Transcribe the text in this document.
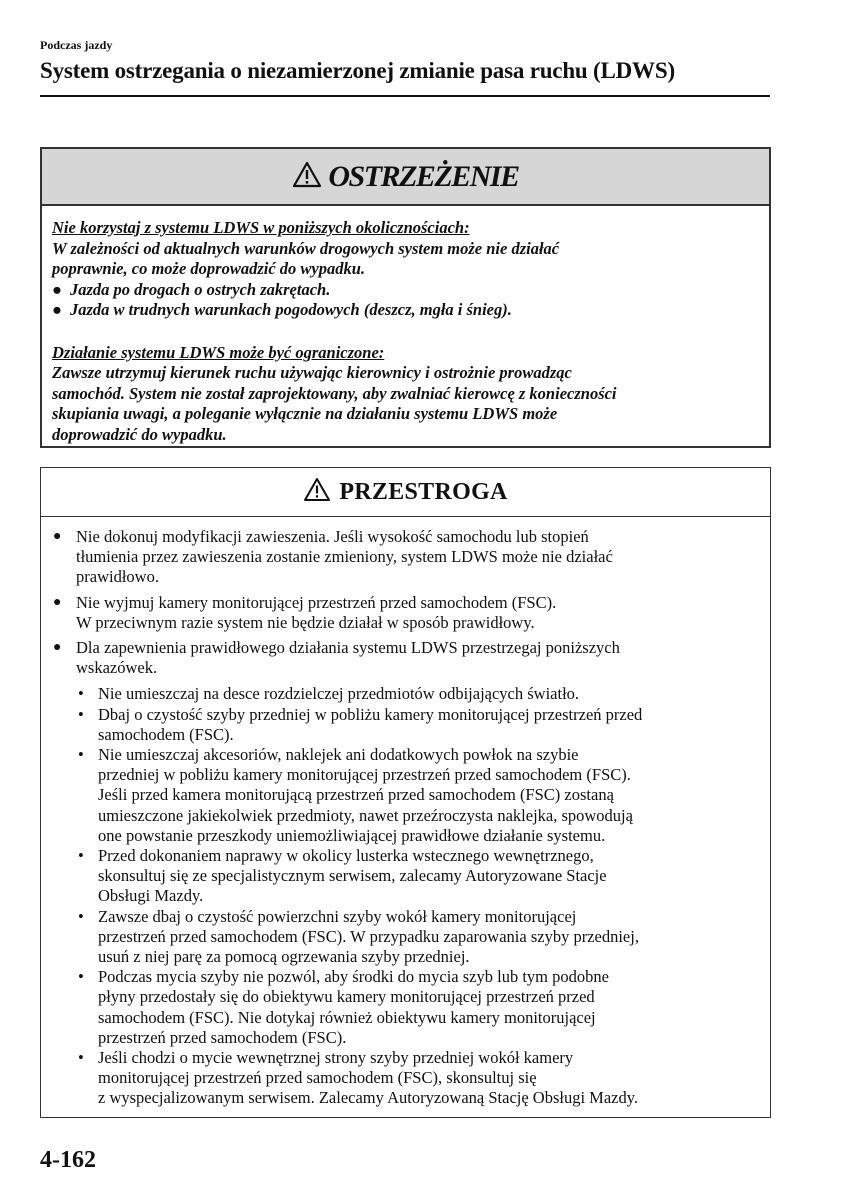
Podczas jazdy
System ostrzegania o niezamierzonej zmianie pasa ruchu (LDWS)
OSTRZEŻENIE
Nie korzystaj z systemu LDWS w poniższych okolicznościach:
W zależności od aktualnych warunków drogowych system może nie działać
poprawnie, co może doprowadzić do wypadku.
● Jazda po drogach o ostrych zakrętach.
● Jazda w trudnych warunkach pogodowych (deszcz, mgła i śnieg).
Działanie systemu LDWS może być ograniczone:
Zawsze utrzymuj kierunek ruchu używając kierownicy i ostrożnie prowadząc
samochód. System nie został zaprojektowany, aby zwalniać kierowcę z konieczności
skupiania uwagi, a poleganie wyłącznie na działaniu systemu LDWS może
doprowadzić do wypadku.
PRZESTROGA
● Nie dokonuj modyfikacji zawieszenia. Jeśli wysokość samochodu lub stopień
tłumienia przez zawieszenia zostanie zmieniony, system LDWS może nie działać
prawidłowo.
● Nie wyjmuj kamery monitorującej przestrzeń przed samochodem (FSC).
W przeciwnym razie system nie będzie działał w sposób prawidłowy.
● Dla zapewnienia prawidłowego działania systemu LDWS przestrzegaj poniższych
wskazówek.
• Nie umieszczaj na desce rozdzielczej przedmiotów odbijających światło.
• Dbaj o czystość szyby przedniej w pobliżu kamery monitorującej przestrzeń przed
samochodem (FSC).
• Nie umieszczaj akcesoriów, naklejek ani dodatkowych powłok na szybie
przedniej w pobliżu kamery monitorującej przestrzeń przed samochodem (FSC).
Jeśli przed kamera monitorującą przestrzeń przed samochodem (FSC) zostaną
umieszczone jakiekolwiek przedmioty, nawet przeźroczysta naklejka, spowodują
one powstanie przeszkody uniemożliwiającej prawidłowe działanie systemu.
• Przed dokonaniem naprawy w okolicy lusterka wstecznego wewnętrznego,
skonsultuj się ze specjalistycznym serwisem, zalecamy Autoryzowane Stacje
Obsługi Mazdy.
• Zawsze dbaj o czystość powierzchni szyby wokół kamery monitorującej
przestrzeń przed samochodem (FSC). W przypadku zaparowania szyby przedniej,
usuń z niej parę za pomocą ogrzewania szyby przedniej.
• Podczas mycia szyby nie pozwól, aby środki do mycia szyb lub tym podobne
płyny przedostały się do obiektywu kamery monitorującej przestrzeń przed
samochodem (FSC). Nie dotykaj również obiektywu kamery monitorującej
przestrzeń przed samochodem (FSC).
• Jeśli chodzi o mycie wewnętrznej strony szyby przedniej wokół kamery
monitorującej przestrzeń przed samochodem (FSC), skonsultuj się
z wyspecjalizowanym serwisem. Zalecamy Autoryzowaną Stację Obsługi Mazdy.
4-162
